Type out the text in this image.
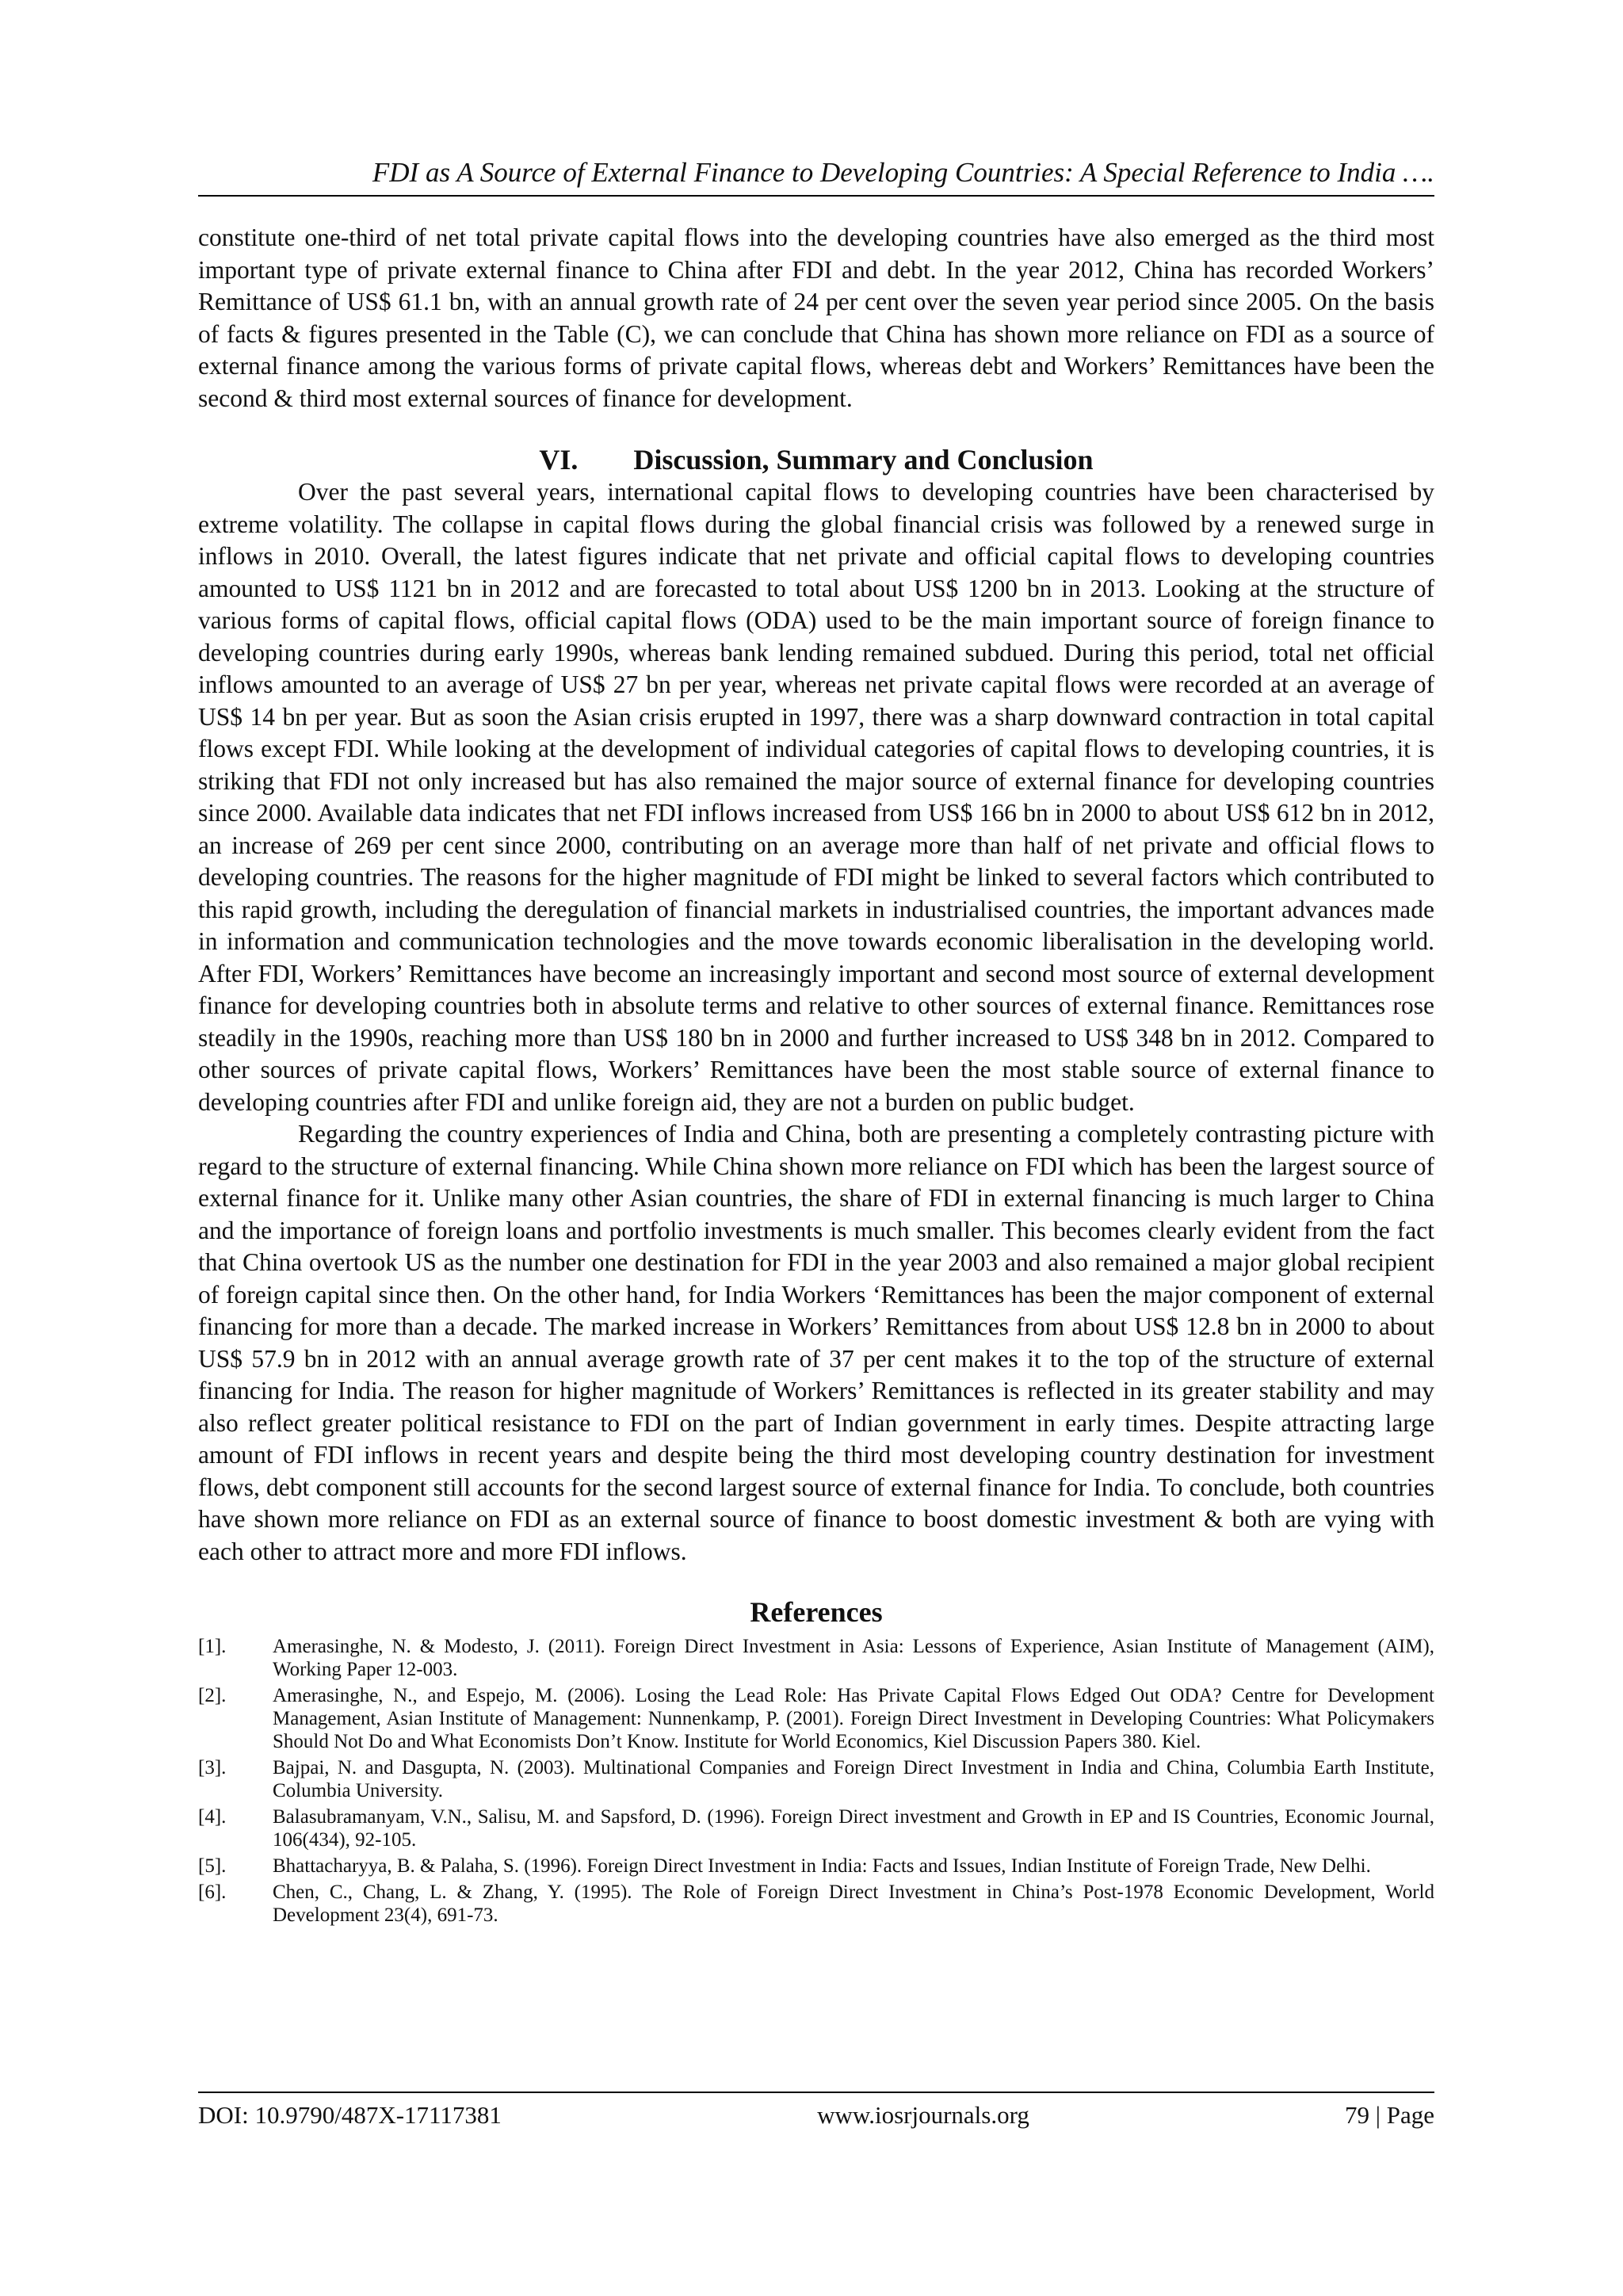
FDI as A Source of External Finance to Developing Countries: A Special Reference to India ….

constitute one-third of net total private capital flows into the developing countries have also emerged as the third most important type of private external finance to China after FDI and debt. In the year 2012, China has recorded Workers’ Remittance of US$ 61.1 bn, with an annual growth rate of 24 per cent over the seven year period since 2005. On the basis of facts & figures presented in the Table (C), we can conclude that China has shown more reliance on FDI as a source of external finance among the various forms of private capital flows, whereas debt and Workers’ Remittances have been the second & third most external sources of finance for development.

VI. Discussion, Summary and Conclusion

Over the past several years, international capital flows to developing countries have been characterised by extreme volatility. The collapse in capital flows during the global financial crisis was followed by a renewed surge in inflows in 2010. Overall, the latest figures indicate that net private and official capital flows to developing countries amounted to US$ 1121 bn in 2012 and are forecasted to total about US$ 1200 bn in 2013. Looking at the structure of various forms of capital flows, official capital flows (ODA) used to be the main important source of foreign finance to developing countries during early 1990s, whereas bank lending remained subdued. During this period, total net official inflows amounted to an average of US$ 27 bn per year, whereas net private capital flows were recorded at an average of US$ 14 bn per year. But as soon the Asian crisis erupted in 1997, there was a sharp downward contraction in total capital flows except FDI. While looking at the development of individual categories of capital flows to developing countries, it is striking that FDI not only increased but has also remained the major source of external finance for developing countries since 2000. Available data indicates that net FDI inflows increased from US$ 166 bn in 2000 to about US$ 612 bn in 2012, an increase of 269 per cent since 2000, contributing on an average more than half of net private and official flows to developing countries. The reasons for the higher magnitude of FDI might be linked to several factors which contributed to this rapid growth, including the deregulation of financial markets in industrialised countries, the important advances made in information and communication technologies and the move towards economic liberalisation in the developing world. After FDI, Workers’ Remittances have become an increasingly important and second most source of external development finance for developing countries both in absolute terms and relative to other sources of external finance. Remittances rose steadily in the 1990s, reaching more than US$ 180 bn in 2000 and further increased to US$ 348 bn in 2012. Compared to other sources of private capital flows, Workers’ Remittances have been the most stable source of external finance to developing countries after FDI and unlike foreign aid, they are not a burden on public budget.

Regarding the country experiences of India and China, both are presenting a completely contrasting picture with regard to the structure of external financing. While China shown more reliance on FDI which has been the largest source of external finance for it. Unlike many other Asian countries, the share of FDI in external financing is much larger to China and the importance of foreign loans and portfolio investments is much smaller. This becomes clearly evident from the fact that China overtook US as the number one destination for FDI in the year 2003 and also remained a major global recipient of foreign capital since then. On the other hand, for India Workers ‘Remittances has been the major component of external financing for more than a decade. The marked increase in Workers’ Remittances from about US$ 12.8 bn in 2000 to about US$ 57.9 bn in 2012 with an annual average growth rate of 37 per cent makes it to the top of the structure of external financing for India. The reason for higher magnitude of Workers’ Remittances is reflected in its greater stability and may also reflect greater political resistance to FDI on the part of Indian government in early times. Despite attracting large amount of FDI inflows in recent years and despite being the third most developing country destination for investment flows, debt component still accounts for the second largest source of external finance for India. To conclude, both countries have shown more reliance on FDI as an external source of finance to boost domestic investment & both are vying with each other to attract more and more FDI inflows.

References
[1].	Amerasinghe, N. & Modesto, J. (2011). Foreign Direct Investment in Asia: Lessons of Experience, Asian Institute of Management (AIM), Working Paper 12-003.
[2].	Amerasinghe, N., and Espejo, M. (2006). Losing the Lead Role: Has Private Capital Flows Edged Out ODA? Centre for Development Management, Asian Institute of Management: Nunnenkamp, P. (2001). Foreign Direct Investment in Developing Countries: What Policymakers Should Not Do and What Economists Don’t Know. Institute for World Economics, Kiel Discussion Papers 380. Kiel.
[3].	Bajpai, N. and Dasgupta, N. (2003). Multinational Companies and Foreign Direct Investment in India and China, Columbia Earth Institute, Columbia University.
[4].	Balasubramanyam, V.N., Salisu, M. and Sapsford, D. (1996). Foreign Direct investment and Growth in EP and IS Countries, Economic Journal, 106(434), 92-105.
[5].	Bhattacharyya, B. & Palaha, S. (1996). Foreign Direct Investment in India: Facts and Issues, Indian Institute of Foreign Trade, New Delhi.
[6].	Chen, C., Chang, L. & Zhang, Y. (1995). The Role of Foreign Direct Investment in China’s Post-1978 Economic Development, World Development 23(4), 691-73.
DOI: 10.9790/487X-17117381	www.iosrjournals.org	79 | Page
